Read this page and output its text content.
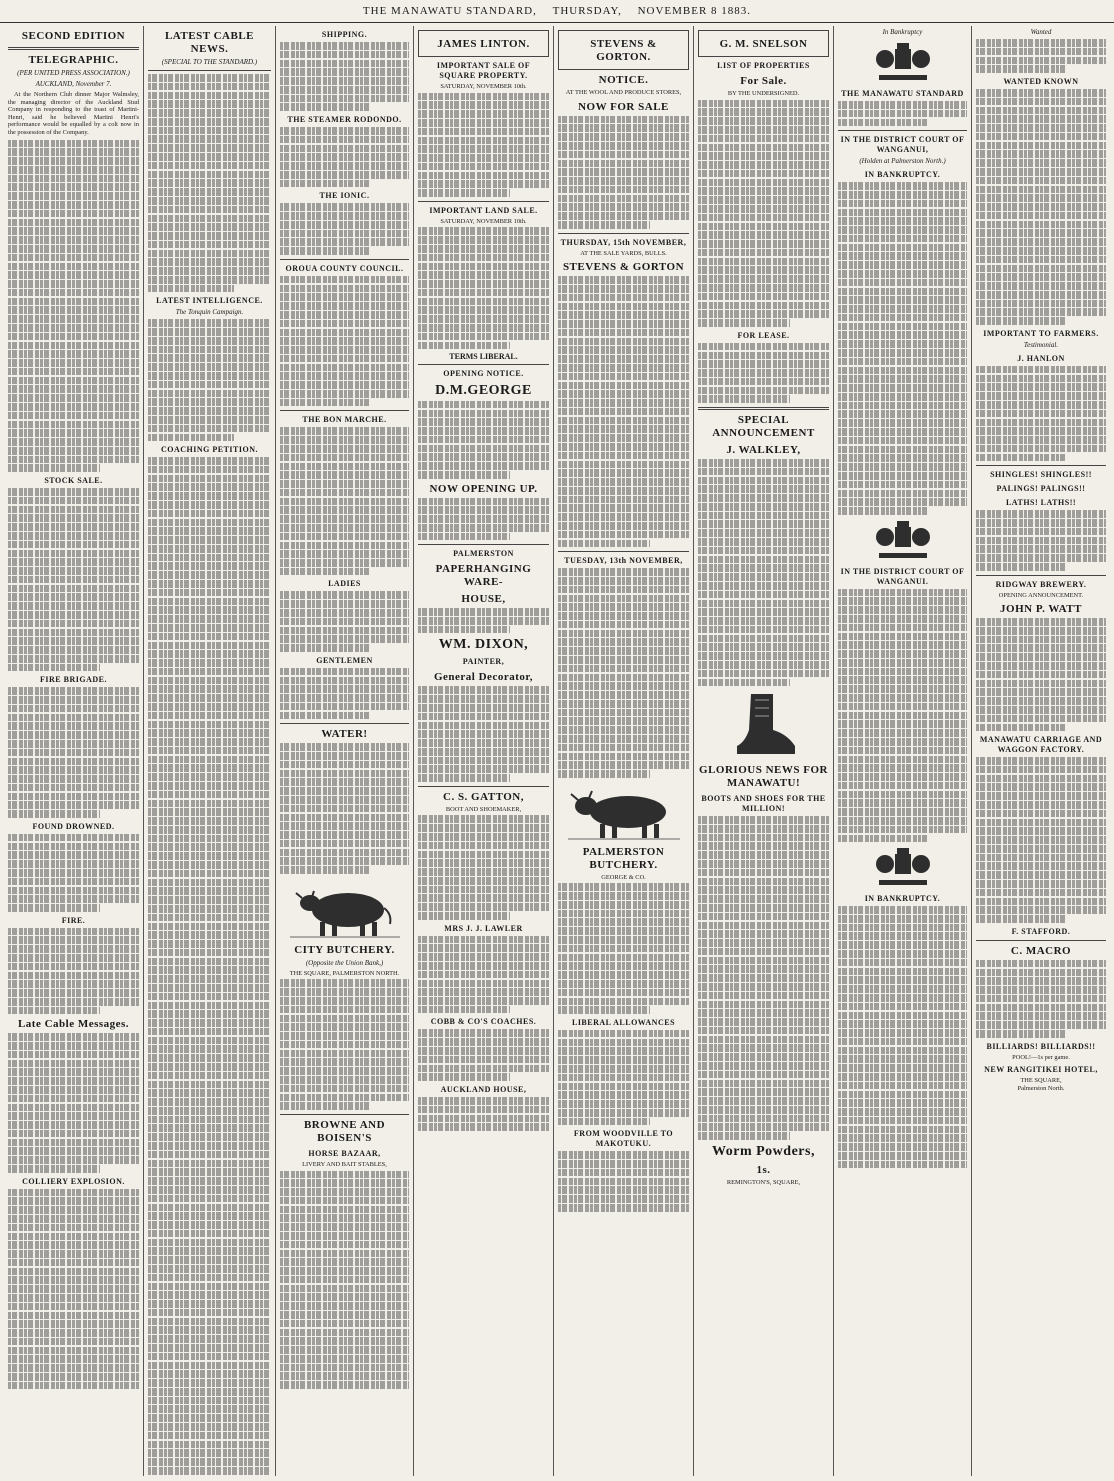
THE MANAWATU STANDARD, THURSDAY, NOVEMBER 8 1883.
SECOND EDITION
TELEGRAPHIC.
(PER UNITED PRESS ASSOCIATION.)
AUCKLAND, November 7.
At the Northern Club dinner Major Walmsley, the managing director of the Auckland Stud Company in responding to the toast of Martini-Henri, said he believed Martini Henri's performance would be equalled by a colt now in the possession of the Company.
STOCK SALE.
FIRE BRIGADE.
FOUND DROWNED.
FIRE.
Late Cable Messages.
COLLIERY EXPLOSION.
LATEST CABLE NEWS.
(SPECIAL TO THE STANDARD.)
LATEST INTELLIGENCE.
The Tonquin Campaign.
COACHING PETITION.
SHIPPING.
THE STEAMER RODONDO.
THE IONIC.
OROUA COUNTY COUNCIL.
THE BON MARCHE.
LADIES
GENTLEMEN
WATER!
CITY BUTCHERY.
(Opposite the Union Bank,)
THE SQUARE, PALMERSTON NORTH.
BROWNE AND BOISEN'S
HORSE BAZAAR,
LIVERY AND BAIT STABLES,
JAMES LINTON.
IMPORTANT SALE OF SQUARE PROPERTY.
SATURDAY, NOVEMBER 10th.
IMPORTANT LAND SALE.
SATURDAY, NOVEMBER 10th.
TERMS LIBERAL.
OPENING NOTICE.
D.M.GEORGE
NOW OPENING UP.
PALMERSTON
PAPERHANGING WARE-
HOUSE,
WM. DIXON,
PAINTER,
General Decorator,
C. S. GATTON,
BOOT AND SHOEMAKER,
MRS J. J. LAWLER
COBB & CO'S COACHES.
AUCKLAND HOUSE,
STEVENS & GORTON.
NOTICE.
AT THE WOOL AND PRODUCE STORES,
NOW FOR SALE
THURSDAY, 15th NOVEMBER,
AT THE SALE YARDS, BULLS.
STEVENS & GORTON
TUESDAY, 13th NOVEMBER,
PALMERSTON BUTCHERY.
GEORGE & CO.
LIBERAL ALLOWANCES
FROM WOODVILLE TO MAKOTUKU.
G. M. SNELSON
LIST OF PROPERTIES
For Sale.
BY THE UNDERSIGNED.
FOR LEASE.
SPECIAL ANNOUNCEMENT
J. WALKLEY,
GLORIOUS NEWS FOR MANAWATU!
BOOTS AND SHOES FOR THE MILLION!
Worm Powders,
1s.
REMINGTON'S, SQUARE,
In Bankruptcy
THE MANAWATU STANDARD
IN THE DISTRICT COURT OF WANGANUI,
(Holden at Palmerston North.)
IN BANKRUPTCY.
IN THE DISTRICT COURT OF WANGANUI.
IN BANKRUPTCY.
Wanted
WANTED KNOWN
IMPORTANT TO FARMERS.
Testimonial.
J. HANLON
SHINGLES! SHINGLES!!
PALINGS! PALINGS!!
LATHS! LATHS!!
RIDGWAY BREWERY.
OPENING ANNOUNCEMENT.
JOHN P. WATT
MANAWATU CARRIAGE AND WAGGON FACTORY.
F. STAFFORD.
C. MACRO
BILLIARDS! BILLIARDS!!
POOL!—1s per game.
NEW RANGITIKEI HOTEL,
THE SQUARE,
Palmerston North.
